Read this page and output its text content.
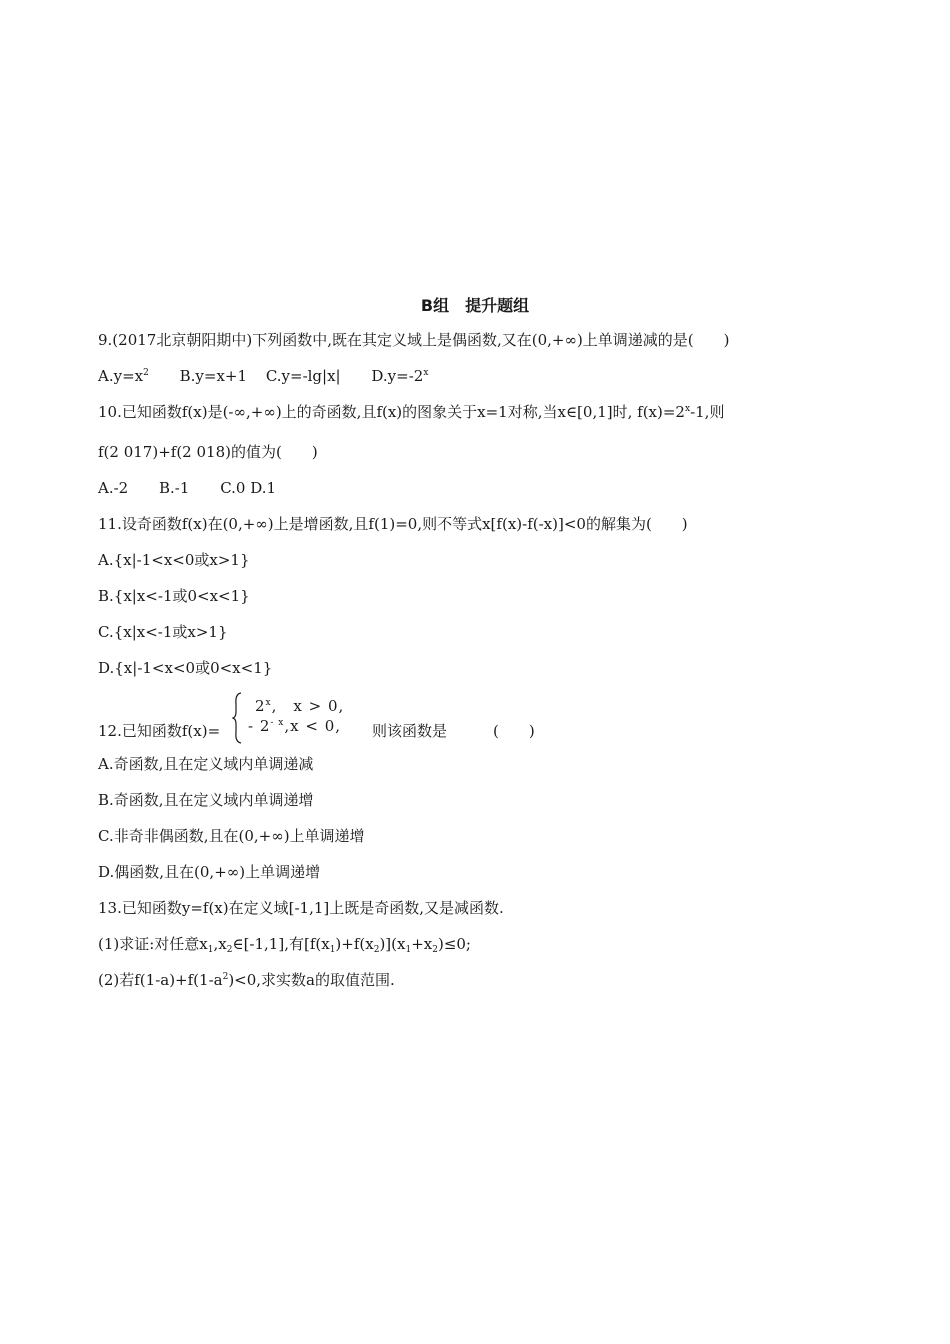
B组　提升题组
9.(2017北京朝阳期中)下列函数中,既在其定义域上是偶函数,又在(0,+∞)上单调递减的是( )
$A.y=x^2$ B.y=x+1 C.y=-lg|x| $D.y=-2^x$
10.已知函数f(x)是(-∞,+∞)上的奇函数,且f(x)的图象关于x=1对称,当x∈[0,1]时, $f(x)=2^x-1$,则
f(2 017)+f(2 018)的值为( )
A.-2 B.-1 C.0 D.1
11.设奇函数f(x)在(0,+∞)上是增函数,且f(1)=0,则不等式x[f(x)-f(-x)]<0的解集为( )
A.{x|-1<x<0或x>1}
B.{x|x<-1或0<x<1}
C.{x|x<-1或x>1}
D.{x|-1<x<0或0<x<1}
12.已知函数f(x)=
$2^x$,　x > 0,
- $2^{- x},x < 0$, 则该函数是	( )
A.奇函数,且在定义域内单调递减
B.奇函数,且在定义域内单调递增
C.非奇非偶函数,且在(0,+∞)上单调递增
D.偶函数,且在(0,+∞)上单调递增
13.已知函数y=f(x)在定义域[-1,1]上既是奇函数,又是减函数.
(1)求证:对任意$x_1,x_2\in[-1,1]$,有$[f(x_1)+f(x_2)](x_1+x_2)\le 0$;
(2)若$f(1-a)+f(1-a^2)<0$,求实数a的取值范围.
